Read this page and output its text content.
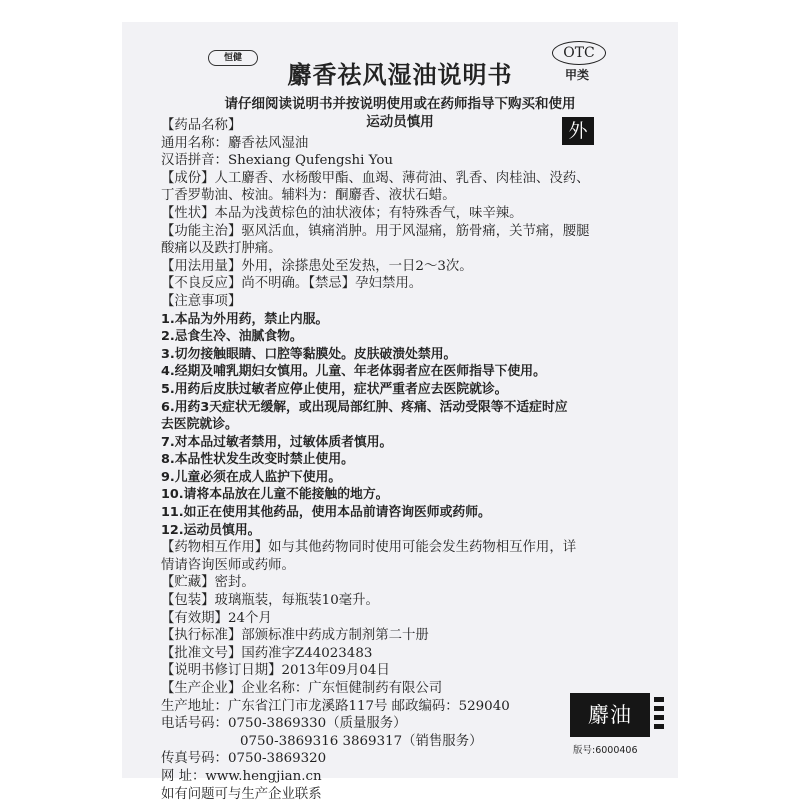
恒健
麝香祛风湿油说明书
OTC
甲类
请仔细阅读说明书并按说明使用或在药师指导下购买和使用
运动员慎用	外
【药品名称】
通用名称：麝香祛风湿油
汉语拼音：Shexiang Qufengshi You
【成份】人工麝香、水杨酸甲酯、血竭、薄荷油、乳香、肉桂油、没药、
丁香罗勒油、桉油。辅料为：酮麝香、液状石蜡。
【性状】本品为浅黄棕色的油状液体；有特殊香气，味辛辣。
【功能主治】驱风活血，镇痛消肿。用于风湿痛，筋骨痛，关节痛，腰腿
酸痛以及跌打肿痛。
【用法用量】外用，涂搽患处至发热，一日2～3次。
【不良反应】尚不明确。【禁忌】孕妇禁用。
【注意事项】
1.本品为外用药，禁止内服。
2.忌食生冷、油腻食物。
3.切勿接触眼睛、口腔等黏膜处。皮肤破溃处禁用。
4.经期及哺乳期妇女慎用。儿童、年老体弱者应在医师指导下使用。
5.用药后皮肤过敏者应停止使用，症状严重者应去医院就诊。
6.用药3天症状无缓解，或出现局部红肿、疼痛、活动受限等不适症时应
去医院就诊。
7.对本品过敏者禁用，过敏体质者慎用。
8.本品性状发生改变时禁止使用。
9.儿童必须在成人监护下使用。
10.请将本品放在儿童不能接触的地方。
11.如正在使用其他药品，使用本品前请咨询医师或药师。
12.运动员慎用。
【药物相互作用】如与其他药物同时使用可能会发生药物相互作用，详
情请咨询医师或药师。
【贮藏】密封。
【包装】玻璃瓶装，每瓶装10毫升。
【有效期】24个月
【执行标准】部颁标准中药成方制剂第二十册
【批准文号】国药准字Z44023483
【说明书修订日期】2013年09月04日
【生产企业】企业名称：广东恒健制药有限公司
生产地址：广东省江门市龙溪路117号 邮政编码：529040
电话号码：0750-3869330（质量服务）
0750-3869316 3869317（销售服务）
传真号码：0750-3869320
网 址：www.hengjian.cn
如有问题可与生产企业联系
麝油
版号:6000406
